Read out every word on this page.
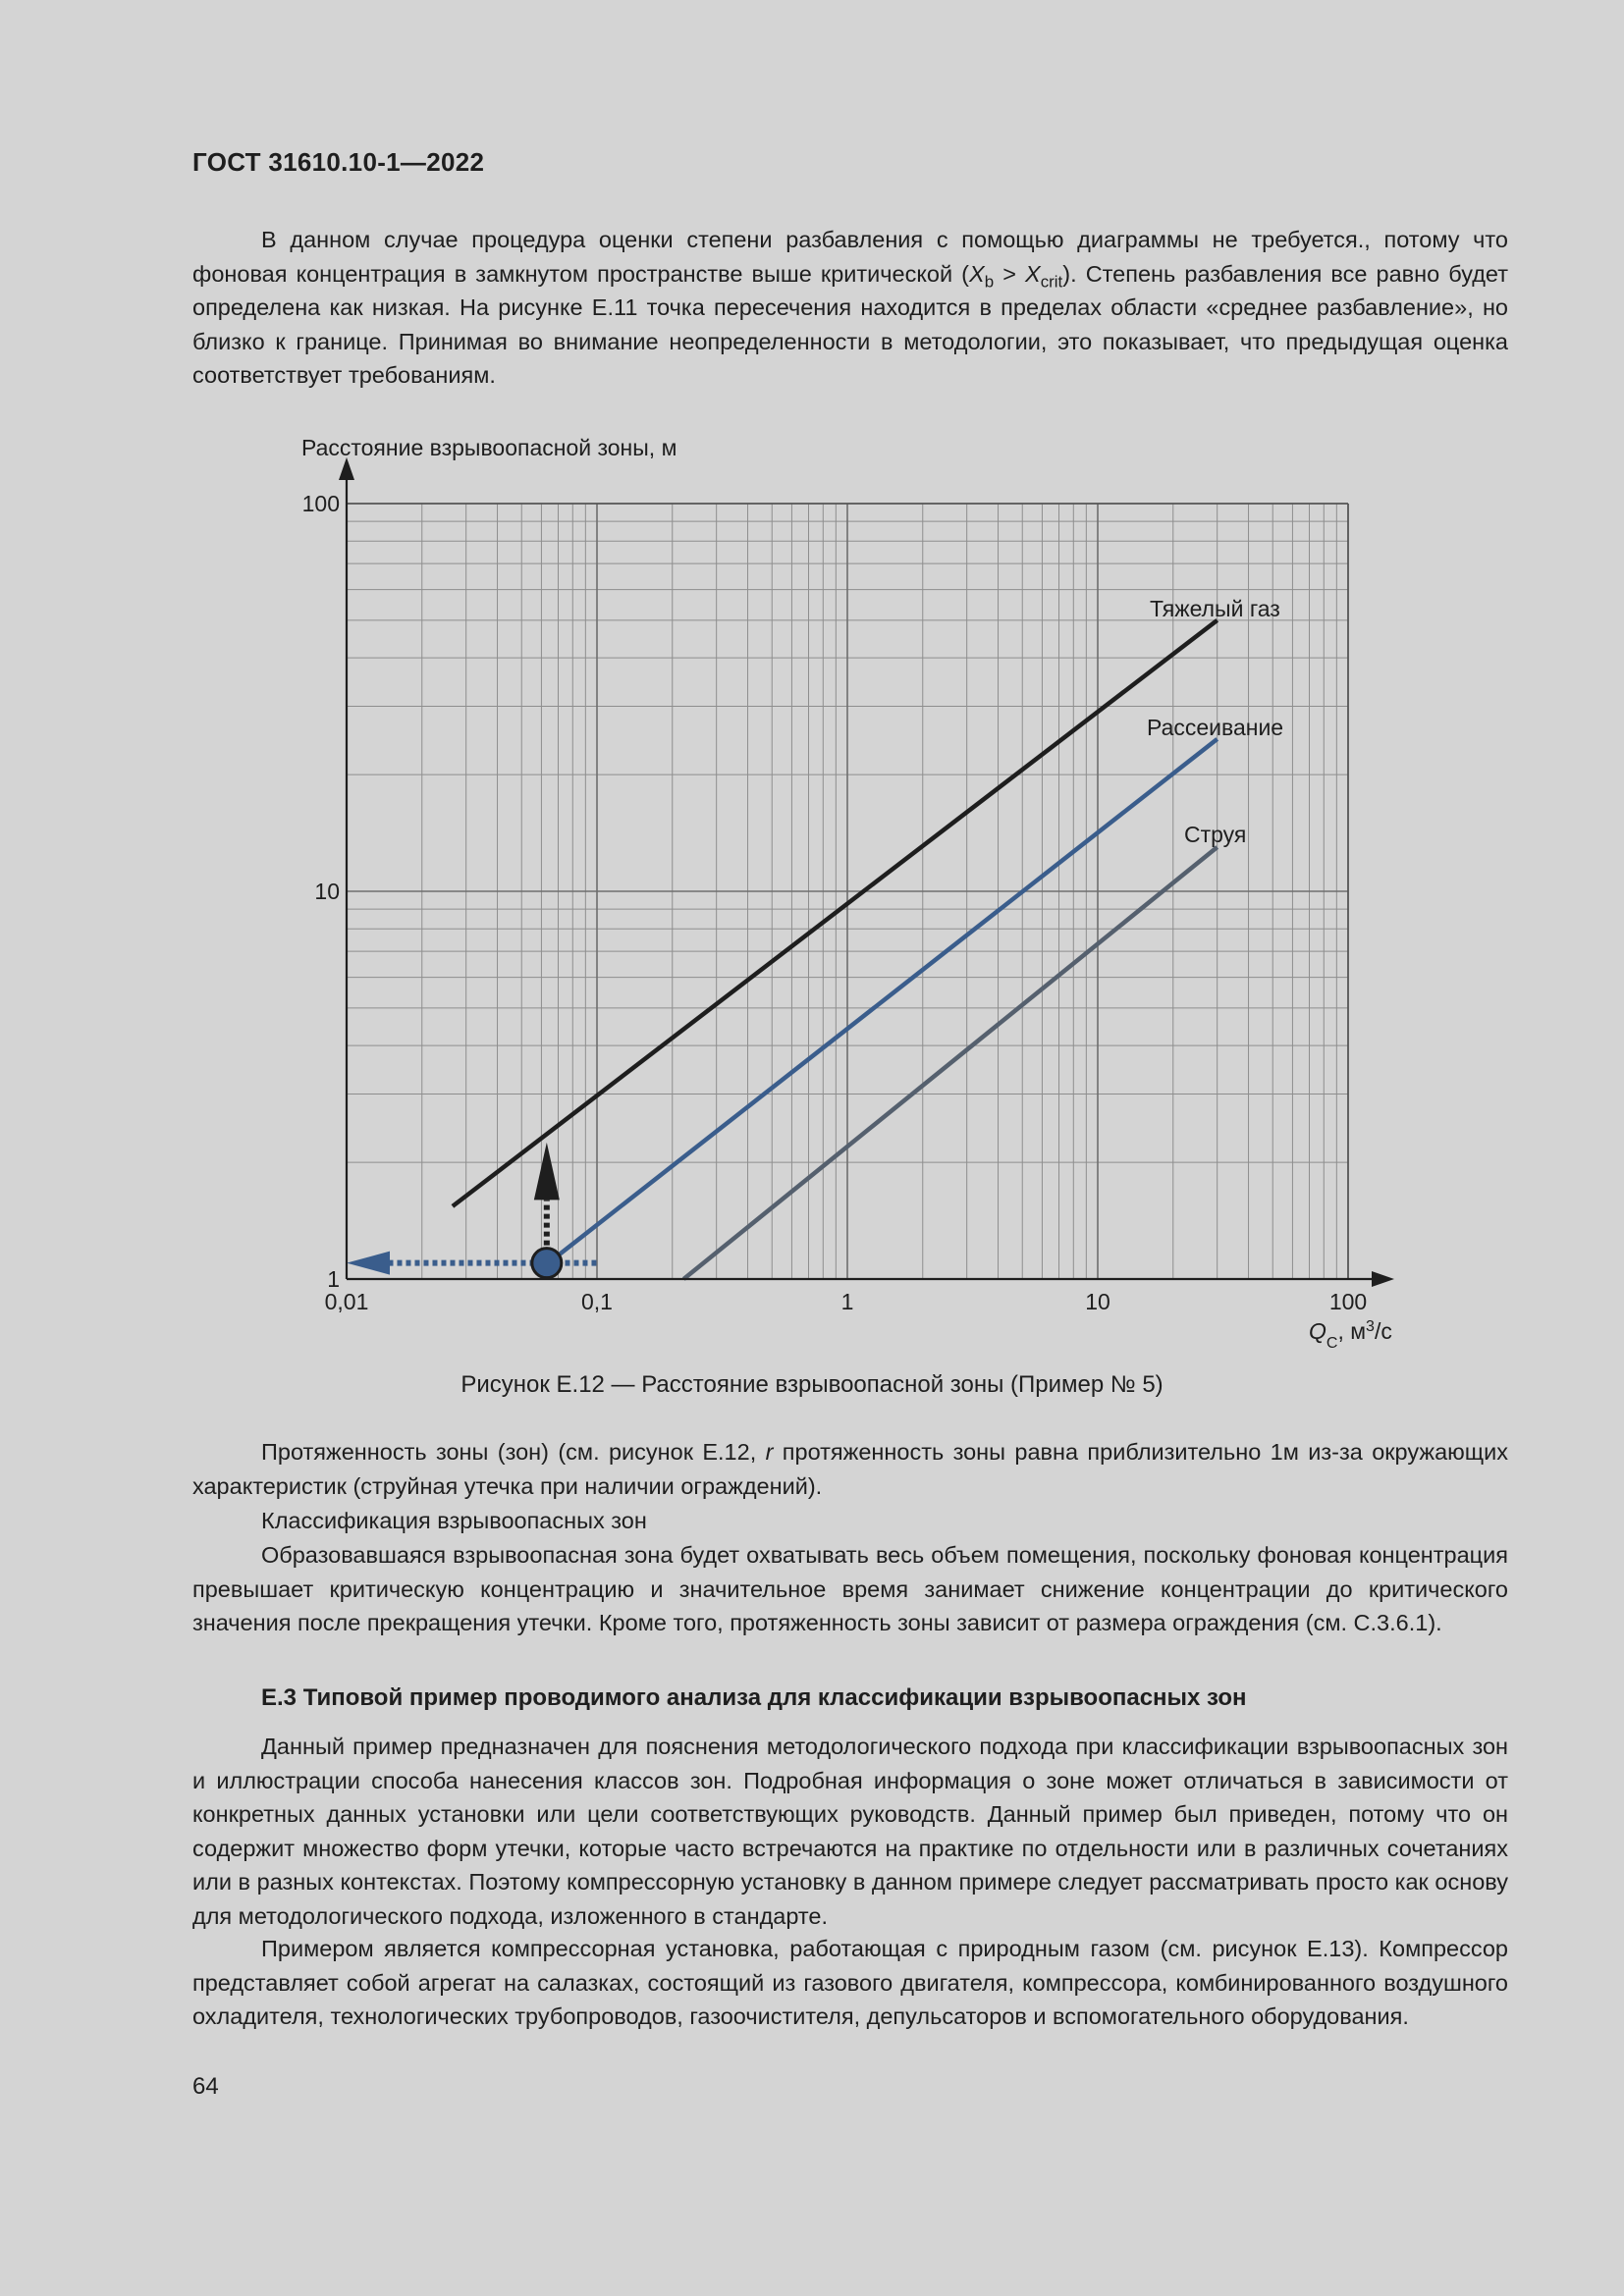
ГОСТ 31610.10-1—2022

В данном случае процедура оценки степени разбавления с помощью диаграммы не требуется., потому что фоновая концентрация в замкнутом пространстве выше критической $(X_b > X_{crit})$. Степень разбавления все равно будет определена как низкая. На рисунке Е.11 точка пересечения находится в пределах области «среднее разбавление», но близко к границе. Принимая во внимание неопределенности в методологии, это показывает, что предыдущая оценка соответствует требованиям.

0,01	0,1	1	10	100
1
10
100
Расстояние взрывоопасной зоны, м
$Q_C$, $м^3/с$
Тяжелый газ
Рассеивание
Струя
Рисунок Е.12 — Расстояние взрывоопасной зоны (Пример № 5)

Протяженность зоны (зон) (см. рисунок Е.12, r протяженность зоны равна приблизительно 1м из-за окружающих характеристик (струйная утечка при наличии ограждений).

Классификация взрывоопасных зон

Образовавшаяся взрывоопасная зона будет охватывать весь объем помещения, поскольку фоновая концентрация превышает критическую концентрацию и значительное время занимает снижение концентрации до критического значения после прекращения утечки. Кроме того, протяженность зоны зависит от размера ограждения (см. С.3.6.1).

Е.3 Типовой пример проводимого анализа для классификации взрывоопасных зон

Данный пример предназначен для пояснения методологического подхода при классификации взрывоопасных зон и иллюстрации способа нанесения классов зон. Подробная информация о зоне может отличаться в зависимости от конкретных данных установки или цели соответствующих руководств. Данный пример был приведен, потому что он содержит множество форм утечки, которые часто встречаются на практике по отдельности или в различных сочетаниях или в разных контекстах. Поэтому компрессорную установку в данном примере следует рассматривать просто как основу для методологического подхода, изложенного в стандарте.

Примером является компрессорная установка, работающая с природным газом (см. рисунок Е.13). Компрессор представляет собой агрегат на салазках, состоящий из газового двигателя, компрессора, комбинированного воздушного охладителя, технологических трубопроводов, газоочистителя, депульсаторов и вспомогательного оборудования.

64
